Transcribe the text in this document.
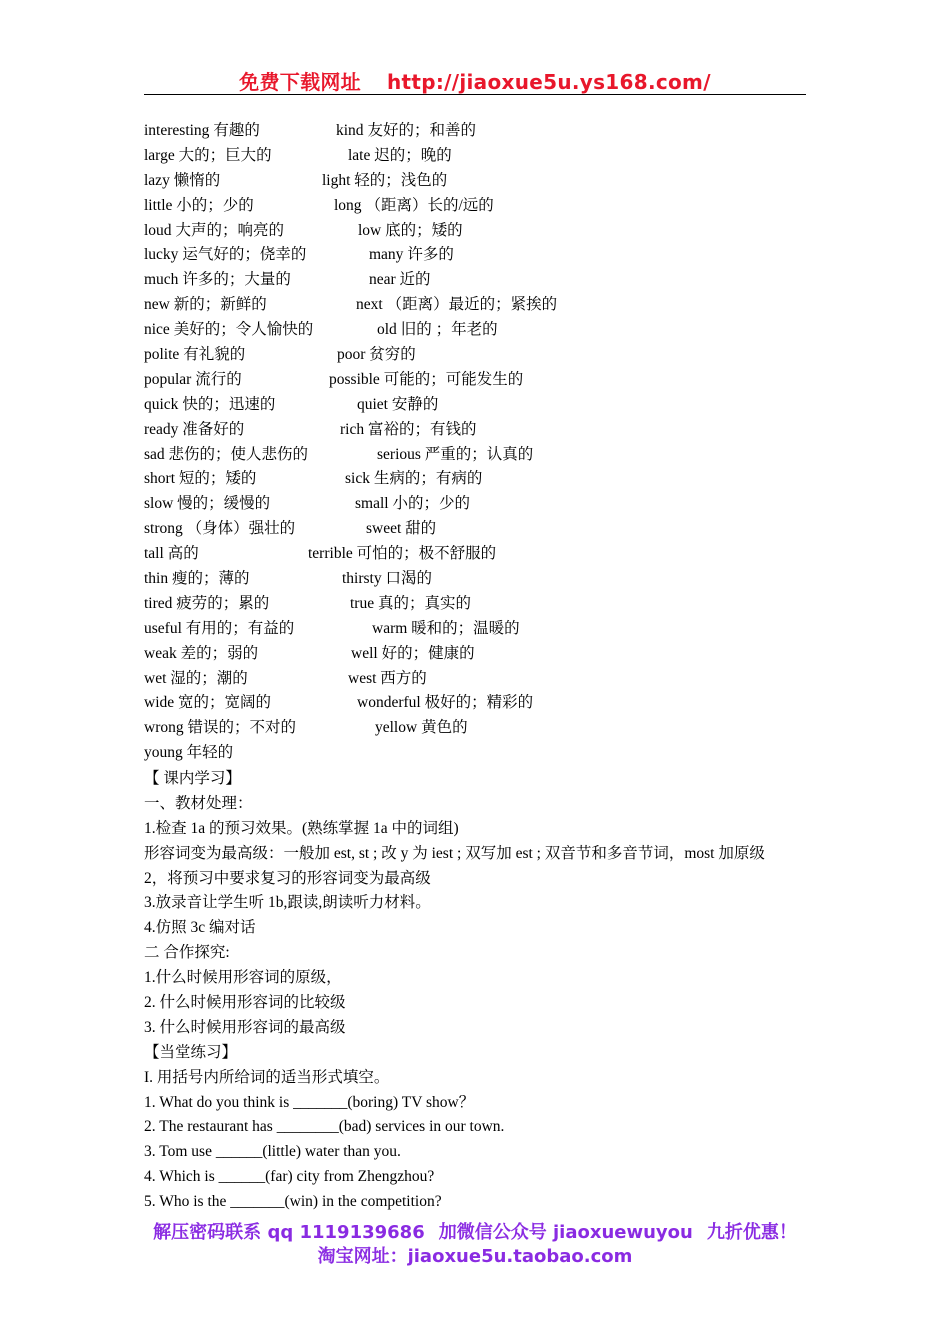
免费下载网址 http://jiaoxue5u.ys168.com/
interesting 有趣的	kind 友好的；和善的
large 大的；巨大的	late 迟的；晚的
lazy 懒惰的	light 轻的；浅色的
little 小的；少的	long （距离）长的/远的
loud 大声的；响亮的	low 底的；矮的
lucky 运气好的；侥幸的	many 许多的
much 许多的；大量的	near 近的
new 新的；新鲜的	next （距离）最近的；紧挨的
nice 美好的；令人愉快的	old 旧的 ；年老的
polite 有礼貌的	poor 贫穷的
popular 流行的	possible 可能的；可能发生的
quick 快的；迅速的	quiet 安静的
ready 准备好的	rich 富裕的；有钱的
sad 悲伤的；使人悲伤的	serious 严重的；认真的
short 短的；矮的	sick 生病的；有病的
slow 慢的；缓慢的	small 小的；少的
strong （身体）强壮的	sweet 甜的
tall 高的	terrible 可怕的；极不舒服的
thin 瘦的；薄的	thirsty 口渴的
tired 疲劳的；累的	true 真的；真实的
useful 有用的；有益的	warm 暖和的；温暖的
weak 差的；弱的	well 好的；健康的
wet 湿的；潮的	west 西方的
wide 宽的；宽阔的	wonderful 极好的；精彩的
wrong 错误的；不对的	yellow 黄色的
young 年轻的
【 课内学习】
一、教材处理：
1.检查 1a 的预习效果。(熟练掌握 1a 中的词组)
形容词变为最高级：一般加 est, st ; 改 y 为 iest ; 双写加 est ; 双音节和多音节词，most 加原级
2，将预习中要求复习的形容词变为最高级
3.放录音让学生听 1b,跟读,朗读听力材料。
4.仿照 3c 编对话
二 合作探究:
1.什么时候用形容词的原级，
2. 什么时候用形容词的比较级
3. 什么时候用形容词的最高级
【当堂练习】
I. 用括号内所给词的适当形式填空。
1. What do you think is _______(boring) TV show？
2. The restaurant has ________(bad) services in our town.
3. Tom use ______(little) water than you.
4. Which is ______(far) city from Zhengzhou?
5. Who is the _______(win) in the competition?
解压密码联系 qq 1119139686 加微信公众号 jiaoxuewuyou 九折优惠！
淘宝网址：jiaoxue5u.taobao.com
